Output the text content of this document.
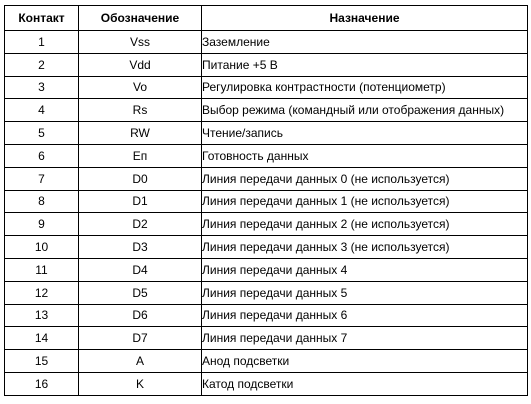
Контакт	Обозначение	Назначение
1	Vss	Заземление
2	Vdd	Питание +5 В
3	Vo	Регулировка контрастности (потенциометр)
4	Rs	Выбор режима (командный или отображения данных)
5	RW	Чтение/запись
6	Еп	Готовность данных
7	D0	Линия передачи данных 0 (не используется)
8	D1	Линия передачи данных 1 (не используется)
9	D2	Линия передачи данных 2 (не используется)
10	D3	Линия передачи данных 3 (не используется)
11	D4	Линия передачи данных 4
12	D5	Линия передачи данных 5
13	D6	Линия передачи данных 6
14	D7	Линия передачи данных 7
15	A	Анод подсветки
16	K	Катод подсветки
